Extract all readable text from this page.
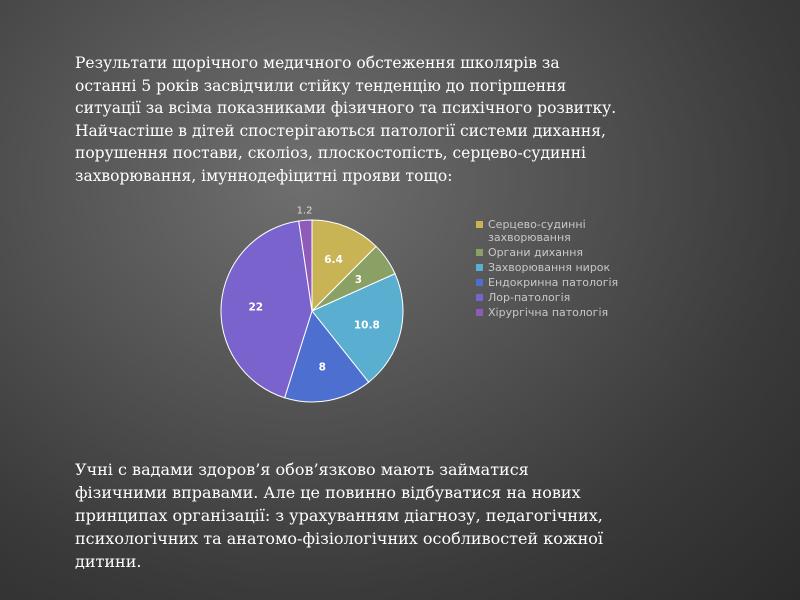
Результати щорічного медичного обстеження школярів за
останні 5 років засвідчили стійку тенденцію до погіршення
ситуації за всіма показниками фізичного та психічного розвитку.
Найчастіше в дітей спостерігаються патології системи дихання,
порушення постави, сколіоз, плоскостопість, серцево-судинні
захворювання, імуннодефіцитні прояви тощо:

6.4
3
10.8
8
22
1.2
Серцево-судинні захворювання
Органи дихання
Захворювання нирок
Ендокринна патологія
Лор-патологія
Хірургічна патологія

Учні с вадами здоров’я обов’язково мають займатися
фізичними вправами. Але це повинно відбуватися на нових
принципах організації: з урахуванням діагнозу, педагогічних,
психологічних та анатомо-фізіологічних особливостей кожної
дитини.
